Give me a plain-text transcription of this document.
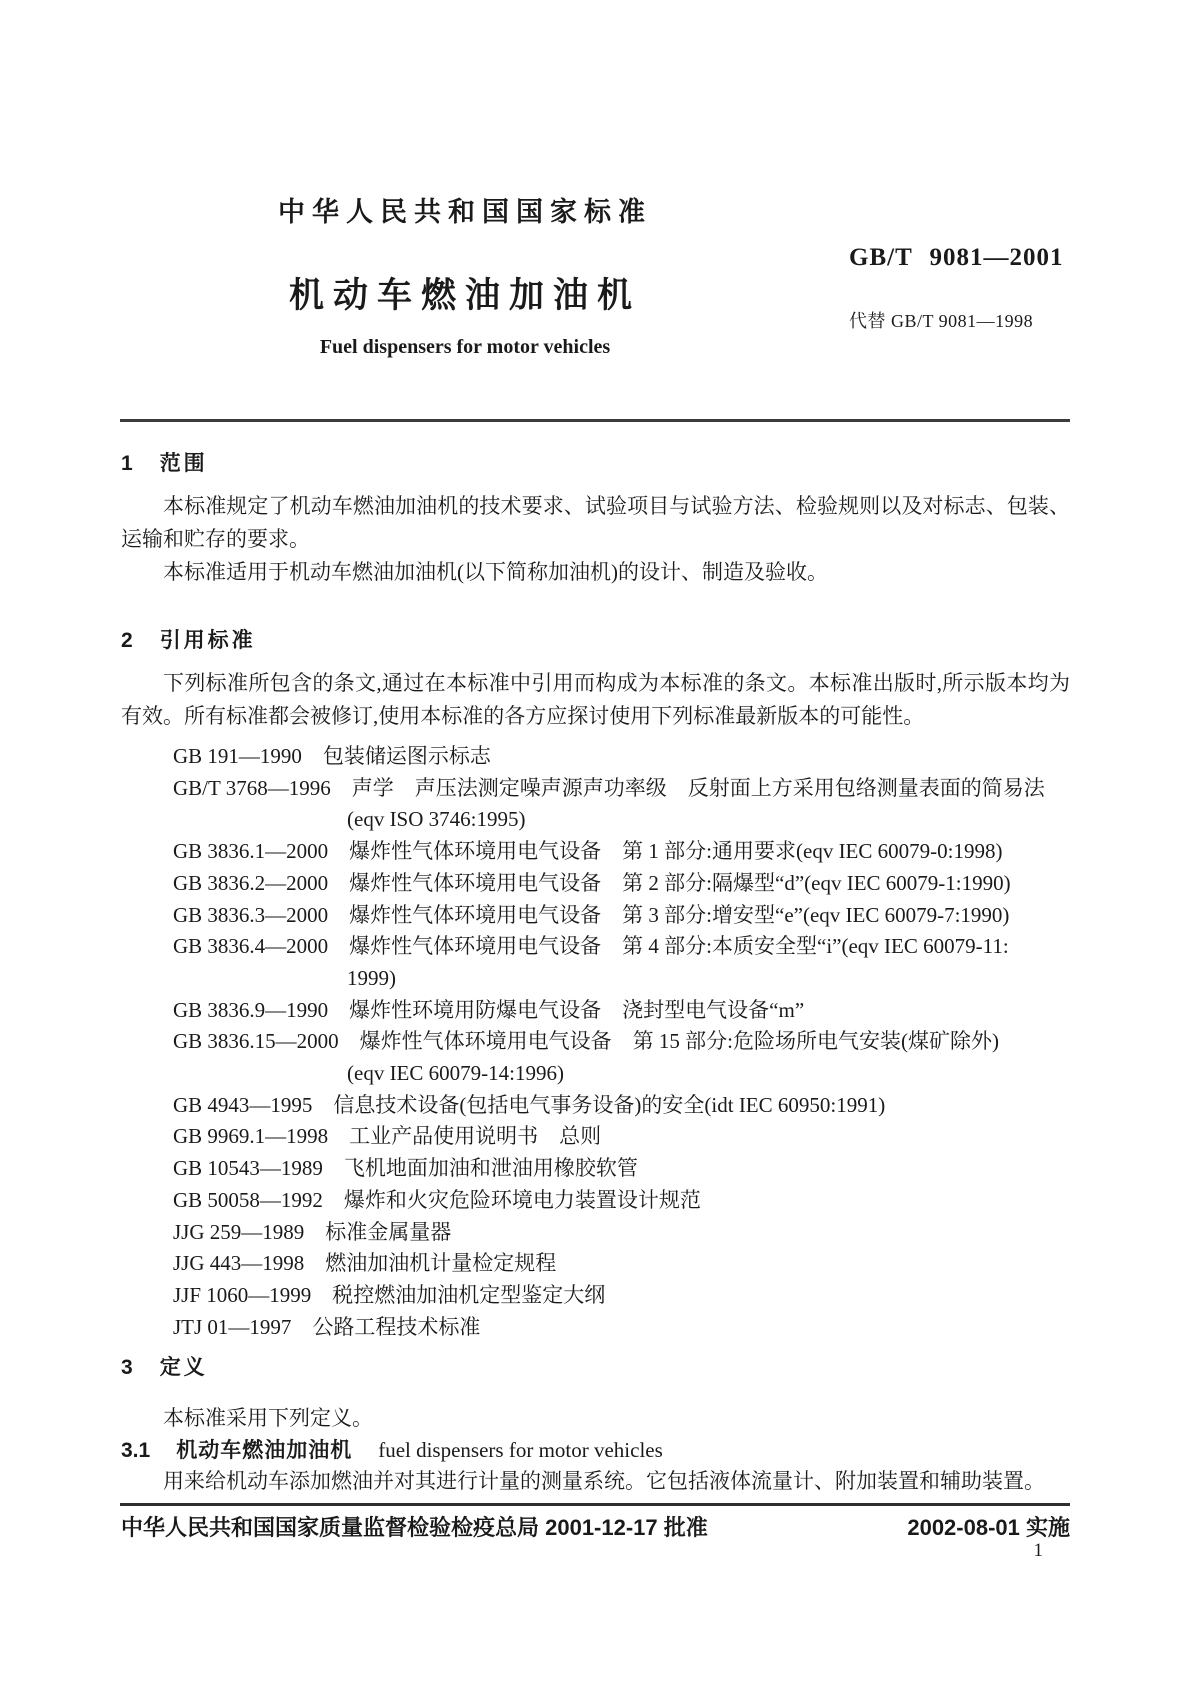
中华人民共和国国家标准
GB/T 9081—2001
机动车燃油加油机
代替 GB/T 9081—1998
Fuel dispensers for motor vehicles
1 范围

本标准规定了机动车燃油加油机的技术要求、试验项目与试验方法、检验规则以及对标志、包装、运输和贮存的要求。

本标准适用于机动车燃油加油机(以下简称加油机)的设计、制造及验收。

2 引用标准

下列标准所包含的条文,通过在本标准中引用而构成为本标准的条文。本标准出版时,所示版本均为有效。所有标准都会被修订,使用本标准的各方应探讨使用下列标准最新版本的可能性。

GB 191—1990　包装储运图示标志
GB/T 3768—1996　声学　声压法测定噪声源声功率级　反射面上方采用包络测量表面的简易法
(eqv ISO 3746:1995)
GB 3836.1—2000　爆炸性气体环境用电气设备　第 1 部分:通用要求(eqv IEC 60079-0:1998)
GB 3836.2—2000　爆炸性气体环境用电气设备　第 2 部分:隔爆型“d”(eqv IEC 60079-1:1990)
GB 3836.3—2000　爆炸性气体环境用电气设备　第 3 部分:增安型“e”(eqv IEC 60079-7:1990)
GB 3836.4—2000　爆炸性气体环境用电气设备　第 4 部分:本质安全型“i”(eqv IEC 60079-11:
1999)
GB 3836.9—1990　爆炸性环境用防爆电气设备　浇封型电气设备“m”
GB 3836.15—2000　爆炸性气体环境用电气设备　第 15 部分:危险场所电气安装(煤矿除外)
(eqv IEC 60079-14:1996)
GB 4943—1995　信息技术设备(包括电气事务设备)的安全(idt IEC 60950:1991)
GB 9969.1—1998　工业产品使用说明书　总则
GB 10543—1989　飞机地面加油和泄油用橡胶软管
GB 50058—1992　爆炸和火灾危险环境电力装置设计规范
JJG 259—1989　标准金属量器
JJG 443—1998　燃油加油机计量检定规程
JJF 1060—1999　税控燃油加油机定型鉴定大纲
JTJ 01—1997　公路工程技术标准
3 定义

本标准采用下列定义。

3.1 机动车燃油加油机 fuel dispensers for motor vehicles

用来给机动车添加燃油并对其进行计量的测量系统。它包括液体流量计、附加装置和辅助装置。

中华人民共和国国家质量监督检验检疫总局 2001-12-17 批准	2002-08-01 实施
1
